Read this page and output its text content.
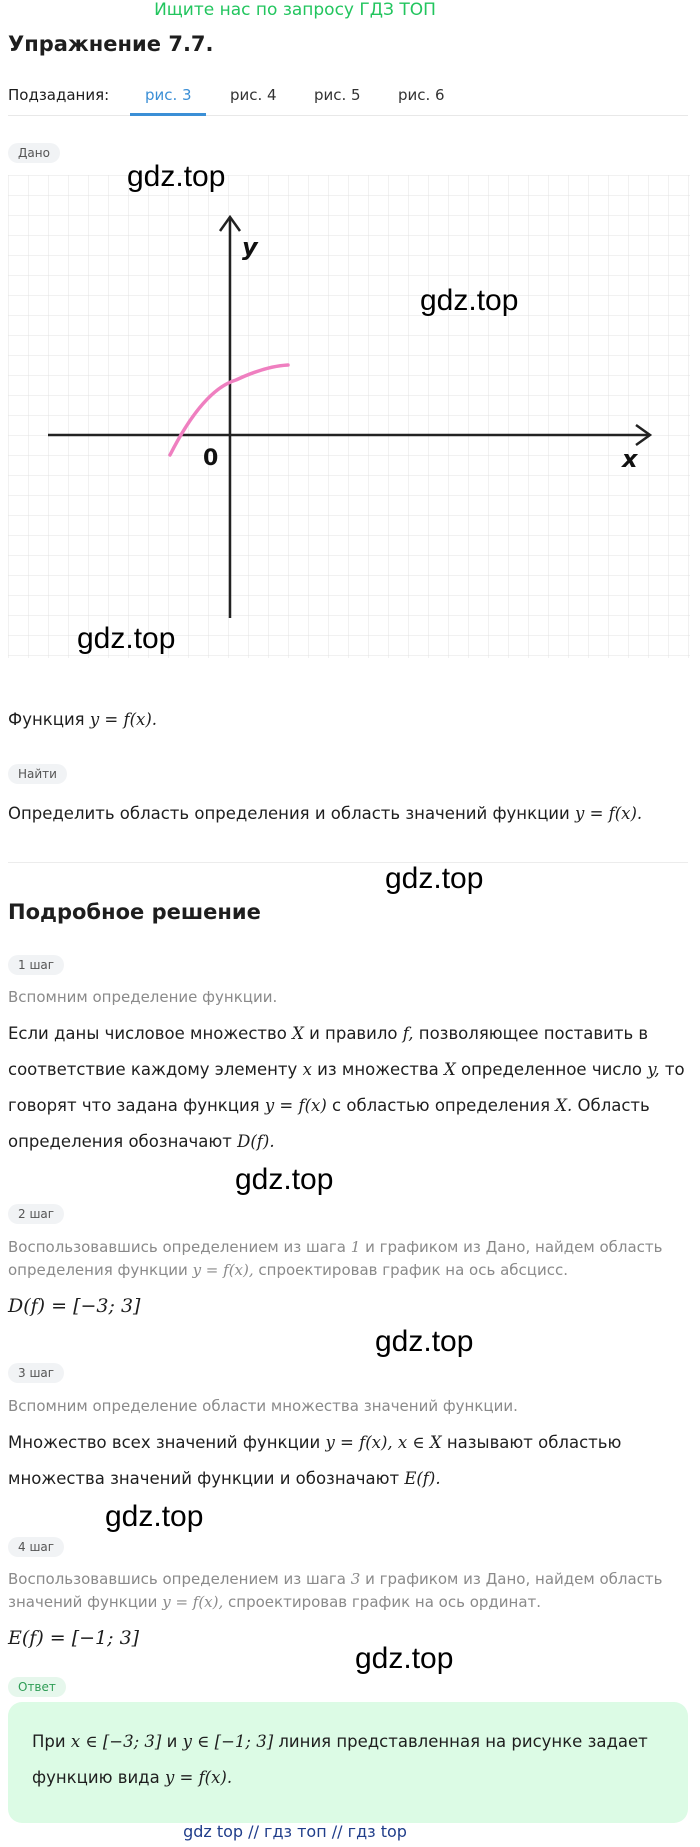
Ищите нас по запросу ГДЗ ТОП
Упражнение 7.7.
Подзадания: рис. 3	рис. 4 рис. 5 рис. 6
Дано
y
x
0
gdz.top
gdz.top
gdz.top
Функция y = f(x).
Найти
Определить область определения и область значений функции y = f(x).
gdz.top
Подробное решение
1 шаг
Вспомним определение функции.
Если даны числовое множество X и правило f, позволяющее поставить в
соответствие каждому элементу x из множества X определенное число y, то
говорят что задана функция y = f(x) с областью определения X. Область
определения обозначают D(f).
gdz.top
2 шаг
Воспользовавшись определением из шага 1 и графиком из Дано, найдем область
определения функции y = f(x), спроектировав график на ось абсцисс.
D(f) = [−3; 3]
gdz.top
3 шаг
Вспомним определение области множества значений функции.
Множество всех значений функции y = f(x), x ∈ X называют областью
множества значений функции и обозначают E(f).
gdz.top
4 шаг
Воспользовавшись определением из шага 3 и графиком из Дано, найдем область
значений функции y = f(x), спроектировав график на ось ординат.
E(f) = [−1; 3]
gdz.top
Ответ
При x ∈ [−3; 3] и y ∈ [−1; 3] линия представленная на рисунке задает
функцию вида y = f(x).
gdz top // гдз топ // гдз top
